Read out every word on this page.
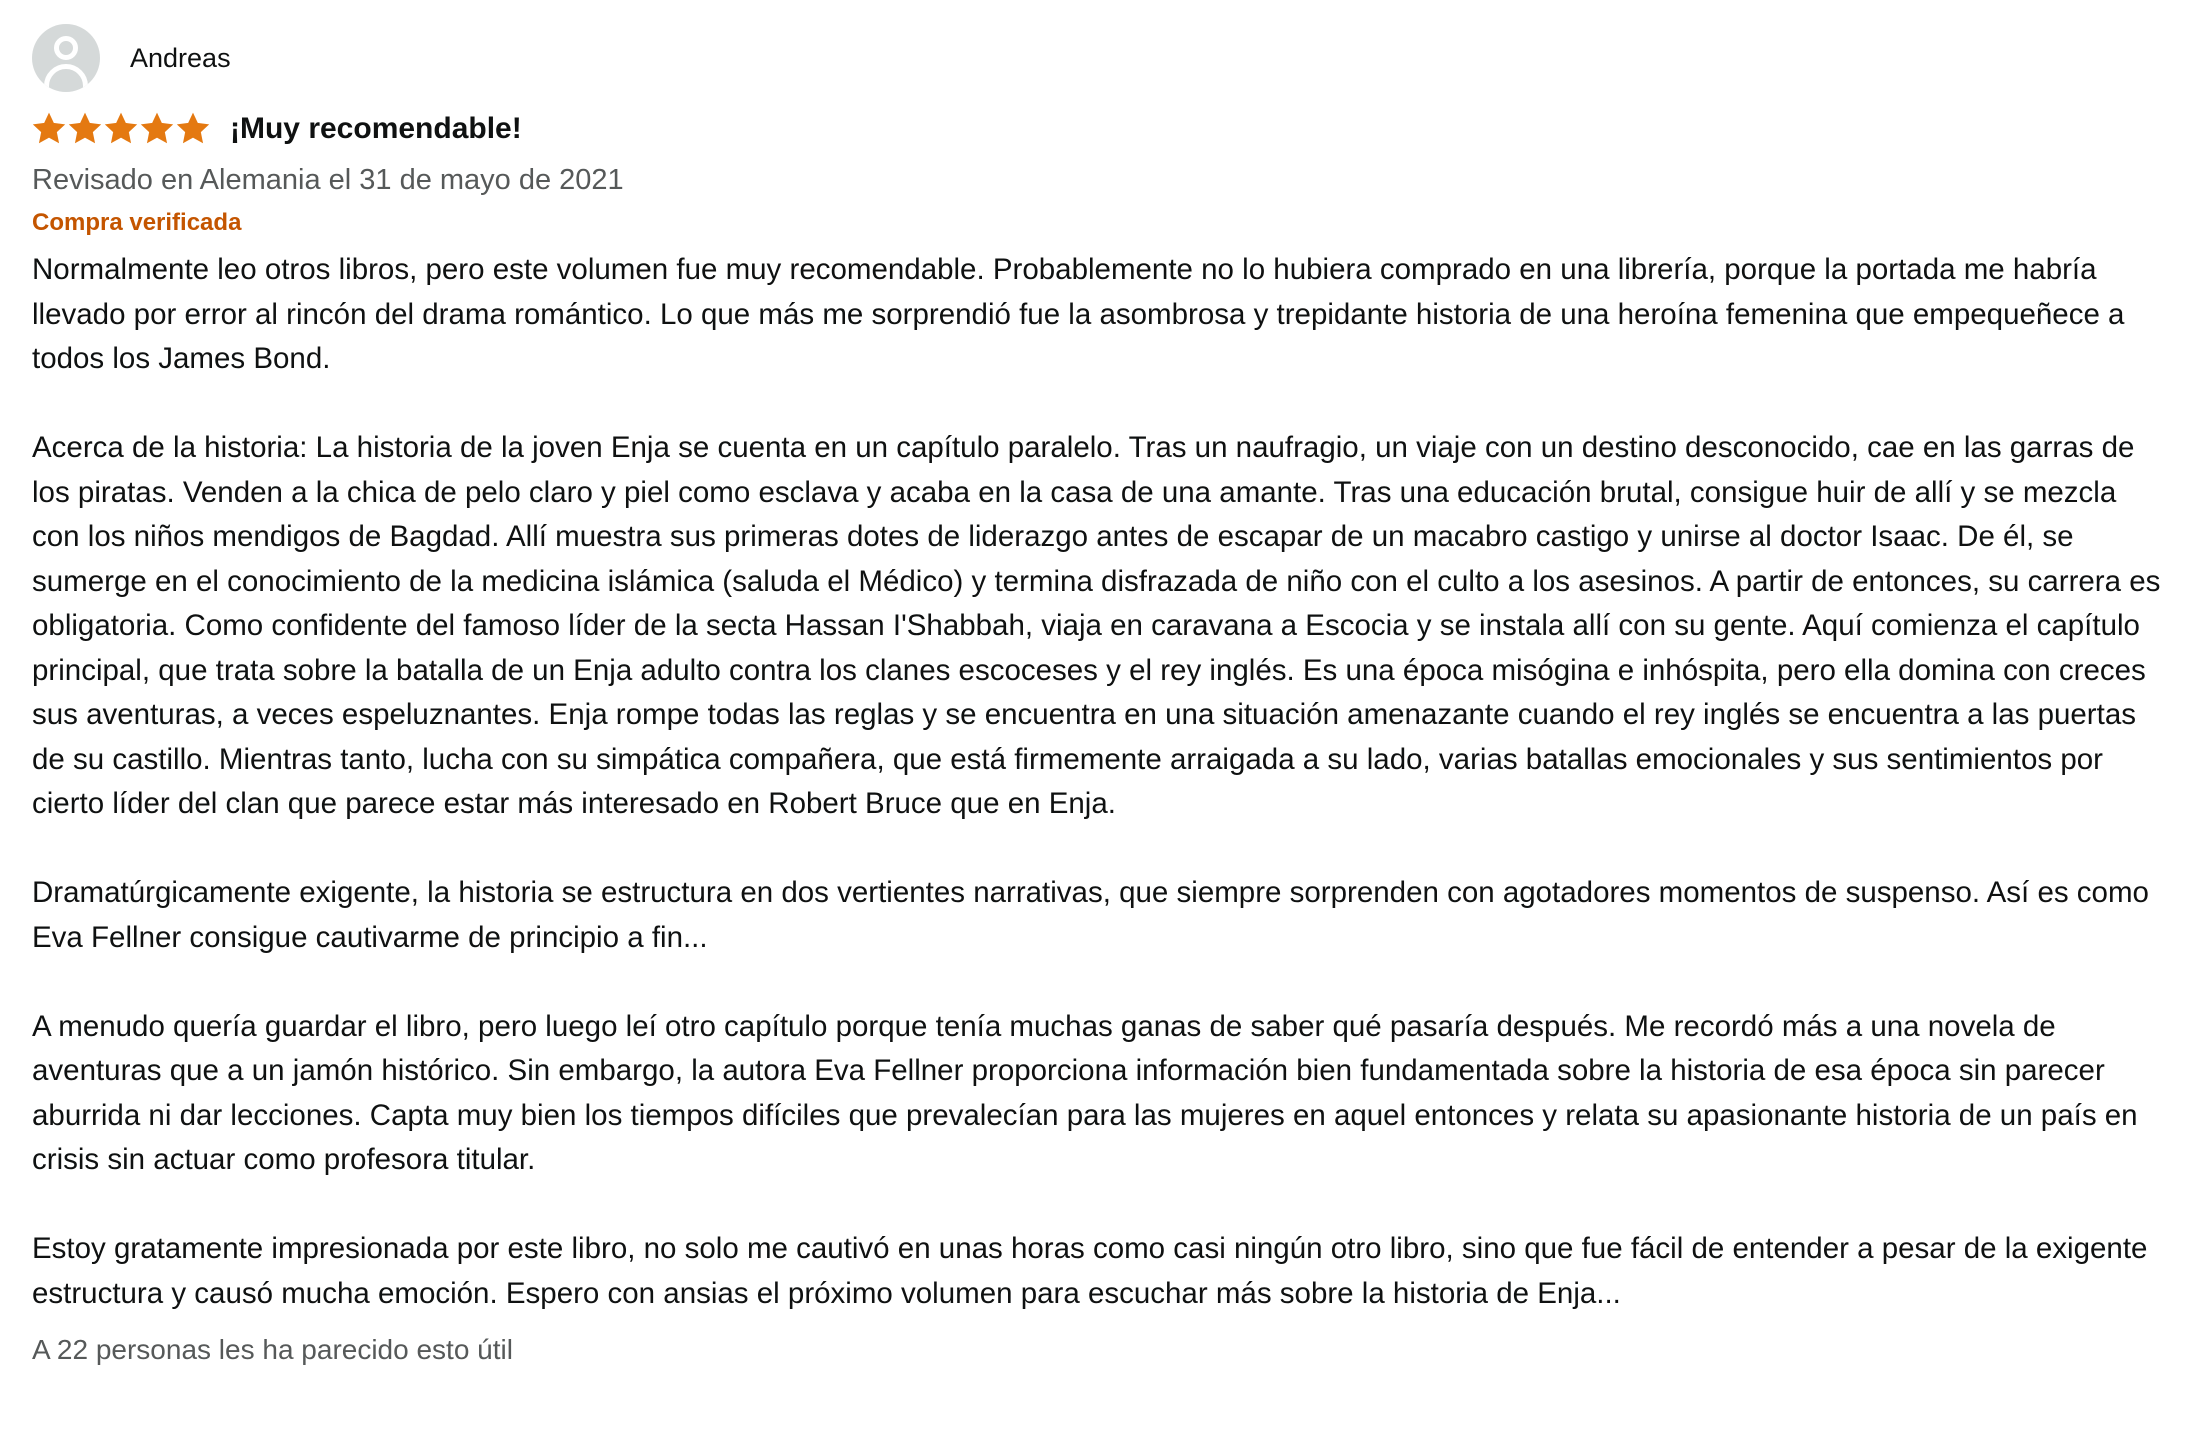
Andreas
¡Muy recomendable!
Revisado en Alemania el 31 de mayo de 2021
Compra verificada

Normalmente leo otros libros, pero este volumen fue muy recomendable. Probablemente no lo hubiera comprado en una librería, porque la portada me habría llevado por error al rincón del drama romántico. Lo que más me sorprendió fue la asombrosa y trepidante historia de una heroína femenina que empequeñece a todos los James Bond.

Acerca de la historia: La historia de la joven Enja se cuenta en un capítulo paralelo. Tras un naufragio, un viaje con un destino desconocido, cae en las garras de los piratas. Venden a la chica de pelo claro y piel como esclava y acaba en la casa de una amante. Tras una educación brutal, consigue huir de allí y se mezcla con los niños mendigos de Bagdad. Allí muestra sus primeras dotes de liderazgo antes de escapar de un macabro castigo y unirse al doctor Isaac. De él, se sumerge en el conocimiento de la medicina islámica (saluda el Médico) y termina disfrazada de niño con el culto a los asesinos. A partir de entonces, su carrera es obligatoria. Como confidente del famoso líder de la secta Hassan I'Shabbah, viaja en caravana a Escocia y se instala allí con su gente. Aquí comienza el capítulo principal, que trata sobre la batalla de un Enja adulto contra los clanes escoceses y el rey inglés. Es una época misógina e inhóspita, pero ella domina con creces sus aventuras, a veces espeluznantes. Enja rompe todas las reglas y se encuentra en una situación amenazante cuando el rey inglés se encuentra a las puertas de su castillo. Mientras tanto, lucha con su simpática compañera, que está firmemente arraigada a su lado, varias batallas emocionales y sus sentimientos por cierto líder del clan que parece estar más interesado en Robert Bruce que en Enja.

Dramatúrgicamente exigente, la historia se estructura en dos vertientes narrativas, que siempre sorprenden con agotadores momentos de suspenso. Así es como Eva Fellner consigue cautivarme de principio a fin...

A menudo quería guardar el libro, pero luego leí otro capítulo porque tenía muchas ganas de saber qué pasaría después. Me recordó más a una novela de aventuras que a un jamón histórico. Sin embargo, la autora Eva Fellner proporciona información bien fundamentada sobre la historia de esa época sin parecer aburrida ni dar lecciones. Capta muy bien los tiempos difíciles que prevalecían para las mujeres en aquel entonces y relata su apasionante historia de un país en crisis sin actuar como profesora titular.

Estoy gratamente impresionada por este libro, no solo me cautivó en unas horas como casi ningún otro libro, sino que fue fácil de entender a pesar de la exigente estructura y causó mucha emoción. Espero con ansias el próximo volumen para escuchar más sobre la historia de Enja...

A 22 personas les ha parecido esto útil
